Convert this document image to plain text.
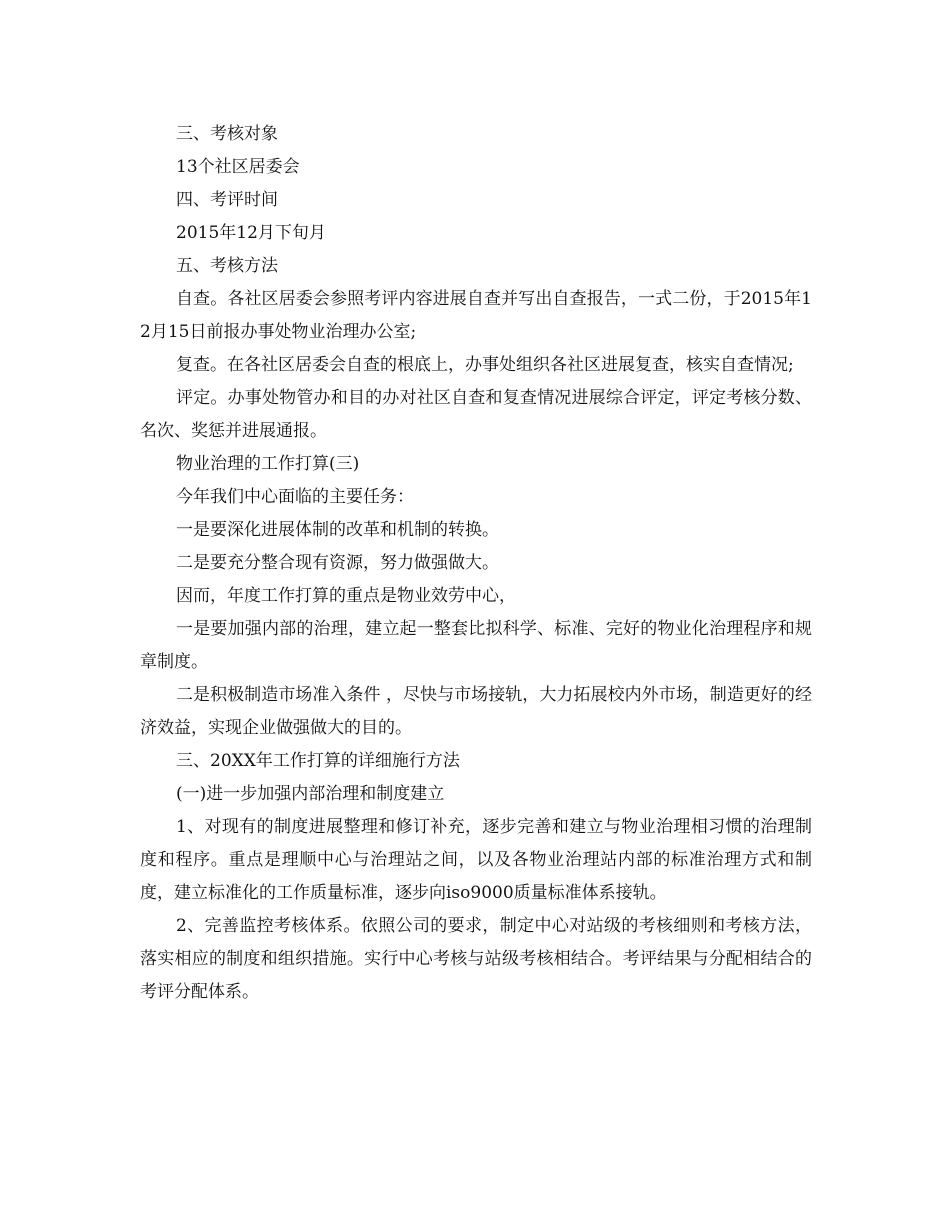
三、考核对象

13个社区居委会

四、考评时间

2015年12月下旬月

五、考核方法

自查。各社区居委会参照考评内容进展自查并写出自查报告，一式二份，于2015年12月15日前报办事处物业治理办公室;

复查。在各社区居委会自查的根底上，办事处组织各社区进展复查，核实自查情况;

评定。办事处物管办和目的办对社区自查和复查情况进展综合评定，评定考核分数、名次、奖惩并进展通报。

物业治理的工作打算(三)

今年我们中心面临的主要任务：

一是要深化进展体制的改革和机制的转换。

二是要充分整合现有资源，努力做强做大。

因而，年度工作打算的重点是物业效劳中心，

一是要加强内部的治理，建立起一整套比拟科学、标准、完好的物业化治理程序和规章制度。

二是积极制造市场准入条件 ，尽快与市场接轨，大力拓展校内外市场，制造更好的经济效益，实现企业做强做大的目的。

三、20XX年工作打算的详细施行方法

(一)进一步加强内部治理和制度建立

1、对现有的制度进展整理和修订补充，逐步完善和建立与物业治理相习惯的治理制度和程序。重点是理顺中心与治理站之间，以及各物业治理站内部的标准治理方式和制度，建立标准化的工作质量标准，逐步向iso9000质量标准体系接轨。

2、完善监控考核体系。依照公司的要求，制定中心对站级的考核细则和考核方法，落实相应的制度和组织措施。实行中心考核与站级考核相结合。考评结果与分配相结合的考评分配体系。
